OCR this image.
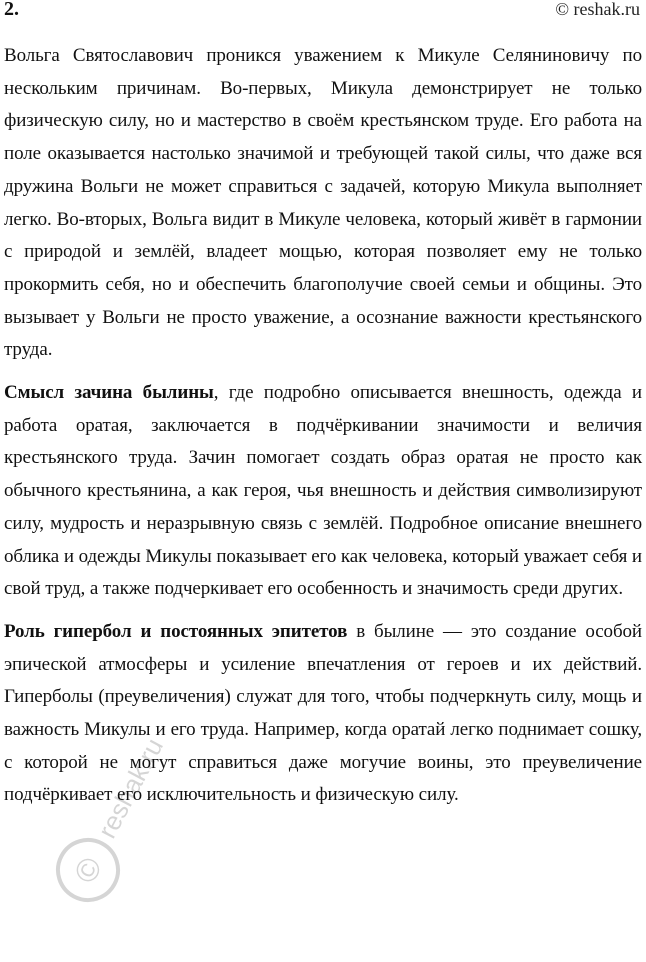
2.	© reshak.ru

Вольга Святославович проникся уважением к Микуле Селяниновичу по нескольким причинам. Во-первых, Микула демонстрирует не только физическую силу, но и мастерство в своём крестьянском труде. Его работа на поле оказывается настолько значимой и требующей такой силы, что даже вся дружина Вольги не может справиться с задачей, которую Микула выполняет легко. Во-вторых, Вольга видит в Микуле человека, который живёт в гармонии с природой и землёй, владеет мощью, которая позволяет ему не только прокормить себя, но и обеспечить благополучие своей семьи и общины. Это вызывает у Вольги не просто уважение, а осознание важности крестьянского труда.

Смысл зачина былины, где подробно описывается внешность, одежда и работа оратая, заключается в подчёркивании значимости и величия крестьянского труда. Зачин помогает создать образ оратая не просто как обычного крестьянина, а как героя, чья внешность и действия символизируют силу, мудрость и неразрывную связь с землёй. Подробное описание внешнего облика и одежды Микулы показывает его как человека, который уважает себя и свой труд, а также подчеркивает его особенность и значимость среди других.

Роль гипербол и постоянных эпитетов в былине — это создание особой эпической атмосферы и усиление впечатления от героев и их действий. Гиперболы (преувеличения) служат для того, чтобы подчеркнуть силу, мощь и важность Микулы и его труда. Например, когда оратай легко поднимает сошку, с которой не могут справиться даже могучие воины, это преувеличение подчёркивает его исключительность и физическую силу.

©
reshak.ru
